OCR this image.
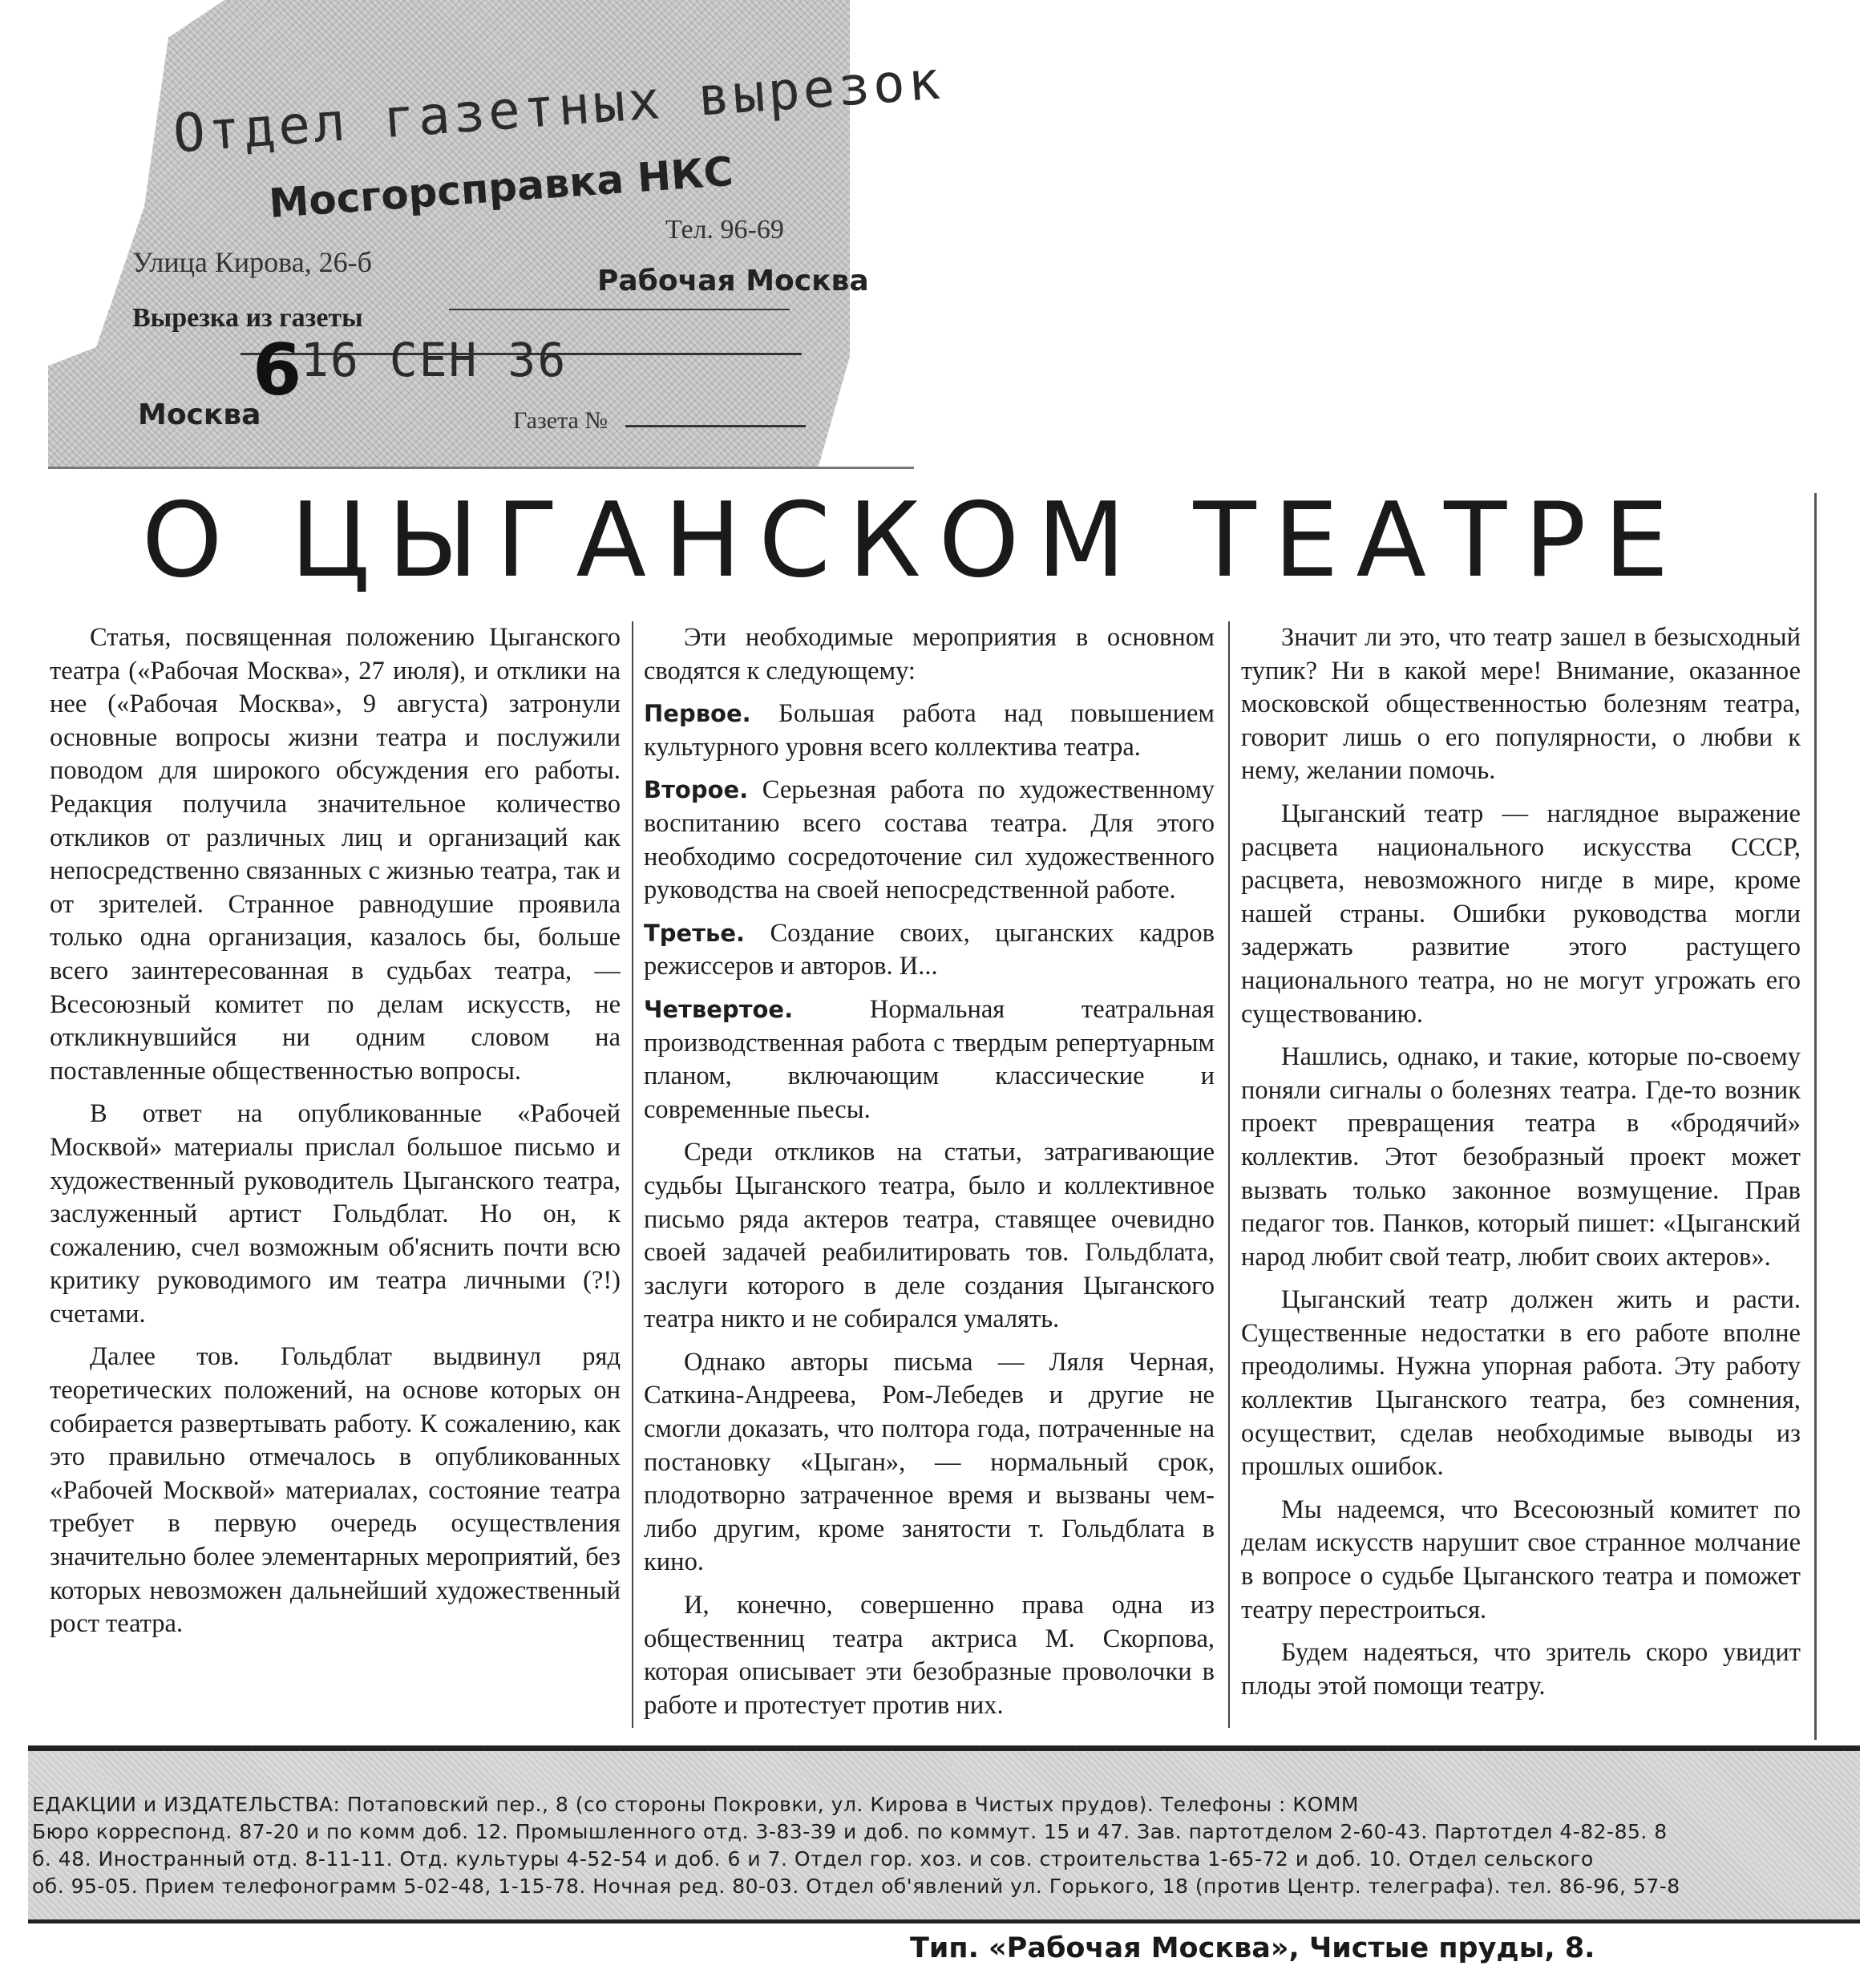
Отдел газетных вырезок
Мосгорсправка НКС
Тел. 96-69
Улица Кирова, 26-б
Рабочая Москва
Вырезка из газеты
6
16 СЕН 36
Москва	Газета №
О ЦЫГАНСКОМ ТЕАТРЕ

Статья, посвященная положению Цыганского театра («Рабочая Москва», 27 июля), и отклики на нее («Рабочая Москва», 9 августа) затронули основные вопросы жизни театра и послужили поводом для широкого обсуждения его работы. Редакция получила значительное количество откликов от различных лиц и организаций как непосредственно связанных с жизнью театра, так и от зрителей. Странное равнодушие проявила только одна организация, казалось бы, больше всего заинтересованная в судьбах театра, — Всесоюзный комитет по делам искусств, не откликнувшийся ни одним словом на поставленные общественностью вопросы.

В ответ на опубликованные «Рабочей Москвой» материалы прислал большое письмо и художественный руководитель Цыганского театра, заслуженный артист Гольдблат. Но он, к сожалению, счел возможным об'яснить почти всю критику руководимого им театра личными (?!) счетами.

Далее тов. Гольдблат выдвинул ряд теоретических положений, на основе которых он собирается развертывать работу. К сожалению, как это правильно отмечалось в опубликованных «Рабочей Москвой» материалах, состояние театра требует в первую очередь осуществления значительно более элементарных мероприятий, без которых невозможен дальнейший художественный рост театра.

Эти необходимые мероприятия в основном сводятся к следующему:

Первое. Большая работа над повышением культурного уровня всего коллектива театра.

Второе. Серьезная работа по художественному воспитанию всего состава театра. Для этого необходимо сосредоточение сил художественного руководства на своей непосредственной работе.

Третье. Создание своих, цыганских кадров режиссеров и авторов. И...

Четвертое.	Нормальная театральная производственная работа с твердым репертуарным планом, включающим классические и современные пьесы.

Среди откликов на статьи, затрагивающие судьбы Цыганского театра, было и коллективное письмо ряда актеров театра, ставящее очевидно своей задачей реабилитировать тов. Гольдблата, заслуги которого в деле создания Цыганского театра никто и не собирался умалять.

Однако авторы письма — Ляля Черная, Саткина-Андреева, Ром-Лебедев и другие не смогли доказать, что полтора года, потраченные на постановку «Цыган», — нормальный срок, плодотворно затраченное время и вызваны чем-либо другим, кроме занятости т. Гольдблата в кино.

И, конечно, совершенно права одна из общественниц театра актриса М. Скорпова, которая описывает эти безобразные проволочки в работе и протестует против них.

Значит ли это, что театр зашел в безысходный тупик? Ни в какой мере! Внимание, оказанное московской общественностью болезням театра, говорит лишь о его популярности, о любви к нему, желании помочь.

Цыганский театр — наглядное выражение расцвета национального искусства СССР, расцвета, невозможного нигде в мире, кроме нашей страны. Ошибки руководства могли задержать развитие этого растущего национального театра, но не могут угрожать его существованию.

Нашлись, однако, и такие, которые по-своему поняли сигналы о болезнях театра. Где-то возник проект превращения театра в «бродячий» коллектив. Этот безобразный проект может вызвать только законное возмущение. Прав педагог тов. Панков, который пишет: «Цыганский народ любит свой театр, любит своих актеров».

Цыганский театр должен жить и расти. Существенные недостатки в его работе вполне преодолимы. Нужна упорная работа. Эту работу коллектив Цыганского театра, без сомнения, осуществит, сделав необходимые выводы из прошлых ошибок.

Мы надеемся, что Всесоюзный комитет по делам искусств нарушит свое странное молчание в вопросе о судьбе Цыганского театра и поможет театру перестроиться.

Будем надеяться, что зритель скоро увидит плоды этой помощи театру.

ЕДАКЦИИ и ИЗДАТЕЛЬСТВА: Потаповский пер., 8 (со стороны Покровки, ул. Кирова в Чистых прудов). Телефоны : КОММ
Бюро корреспонд. 87-20 и по комм доб. 12. Промышленного отд. 3-83-39 и доб. по коммут. 15 и 47. Зав. партотделом 2-60-43. Партотдел 4-82-85. 8
б. 48. Иностранный отд. 8-11-11. Отд. культуры 4-52-54 и доб. 6 и 7. Отдел гор. хоз. и сов. строительства 1-65-72 и доб. 10. Отдел сельского
об. 95-05. Прием телефонограмм 5-02-48, 1-15-78. Ночная ред. 80-03. Отдел об'явлений ул. Горького, 18 (против Центр. телеграфа). тел. 86-96, 57-8
Тип. «Рабочая Москва», Чистые пруды, 8.
